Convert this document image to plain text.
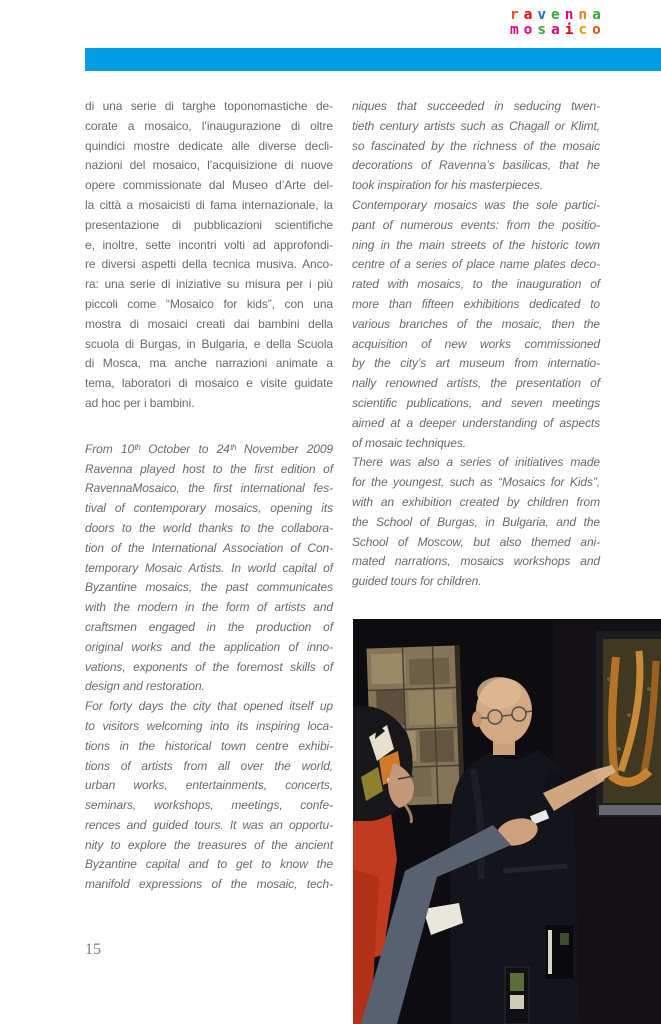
r a v e n n a
m o s a i c o
di una serie di targhe toponomastiche de-
corate a mosaico, l’inaugurazione di oltre
quindici mostre dedicate alle diverse decli-
nazioni del mosaico, l’acquisizione di nuove
opere commissionate dal Museo d’Arte del-
la città a mosaicisti di fama internazionale, la
presentazione di pubblicazioni scientifiche
e, inoltre, sette incontri volti ad approfondi-
re diversi aspetti della tecnica musiva. Anco-
ra: una serie di iniziative su misura per i più
piccoli come “Mosaico for kids”, con una
mostra di mosaici creati dai bambini della
scuola di Burgas, in Bulgaria, e della Scuola
di Mosca, ma anche narrazioni animate a
tema, laboratori di mosaico e visite guidate
ad hoc per i bambini.
From 10ᵗʰ October to 24ᵗʰ November 2009
Ravenna played host to the first edition of
RavennaMosaico, the first international fes-
tival of contemporary mosaics, opening its
doors to the world thanks to the collabora-
tion of the International Association of Con-
temporary Mosaic Artists. In world capital of
Byzantine mosaics, the past communicates
with the modern in the form of artists and
craftsmen engaged in the production of
original works and the application of inno-
vations, exponents of the foremost skills of
design and restoration.
For forty days the city that opened itself up
to visitors welcoming into its inspiring loca-
tions in the historical town centre exhibi-
tions of artists from all over the world,
urban works, entertainments, concerts,
seminars, workshops, meetings, confe-
rences and guided tours. It was an opportu-
nity to explore the treasures of the ancient
Byzantine capital and to get to know the
manifold expressions of the mosaic, tech-
niques that succeeded in seducing twen-
tieth century artists such as Chagall or Klimt,
so fascinated by the richness of the mosaic
decorations of Ravenna’s basilicas, that he
took inspiration for his masterpieces.
Contemporary mosaics was the sole partici-
pant of numerous events: from the positio-
ning in the main streets of the historic town
centre of a series of place name plates deco-
rated with mosaics, to the inauguration of
more than fifteen exhibitions dedicated to
various branches of the mosaic, then the
acquisition of new works commissioned
by the city’s art museum from internatio-
nally renowned artists, the presentation of
scientific publications, and seven meetings
aimed at a deeper understanding of aspects
of mosaic techniques.
There was also a series of initiatives made
for the youngest, such as “Mosaics for Kids”,
with an exhibition created by children from
the School of Burgas, in Bulgaria, and the
School of Moscow, but also themed ani-
mated narrations, mosaics workshops and
guided tours for children.
15
